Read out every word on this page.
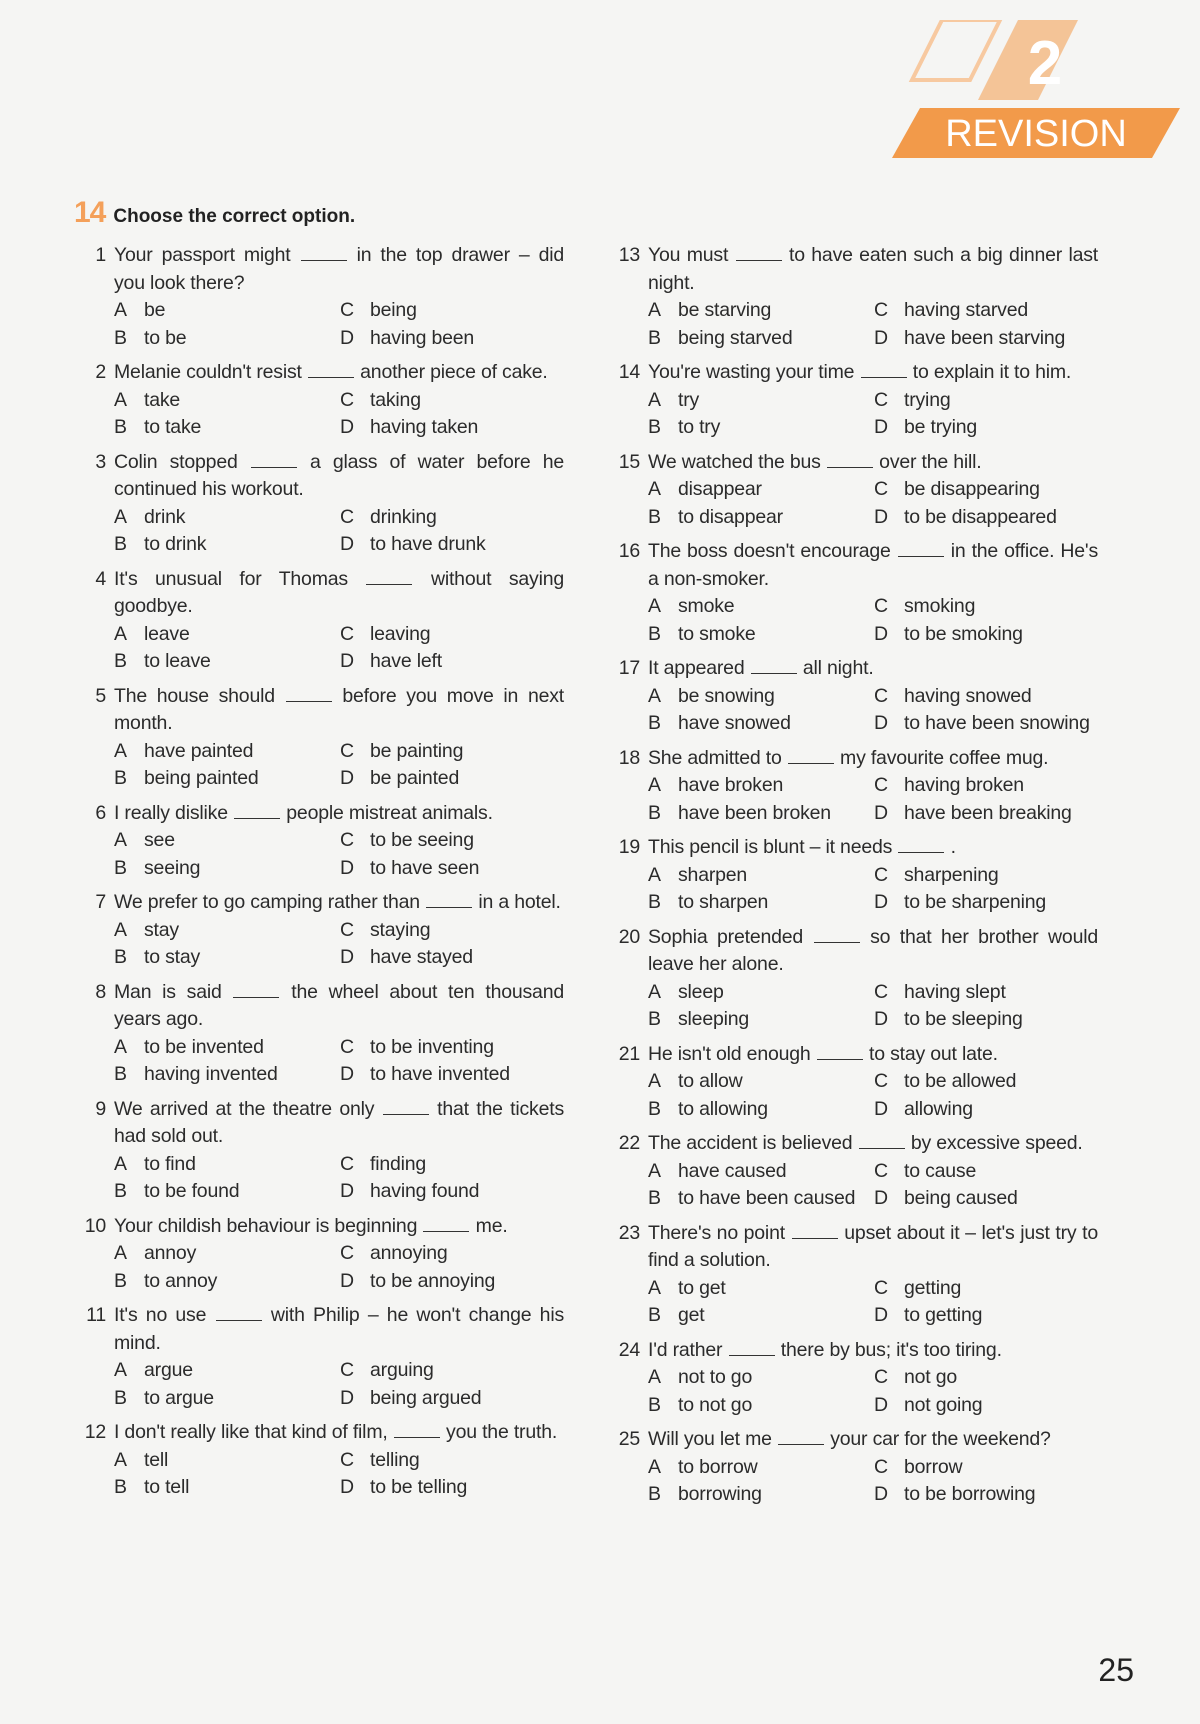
2
REVISION
14 Choose the correct option.
1 Your passport might	in the top drawer – did you look there?
A be	C being
B to be	D having been
2 Melanie couldn't resist	another piece of cake.
A take	C taking
B to take	D having taken
3 Colin stopped	a glass of water before he continued his workout.
A drink	C drinking
B to drink	D to have drunk
4 It's unusual for Thomas	without saying goodbye.
A leave	C leaving
B to leave	D have left
5 The house should	before you move in next month.
A have painted	C be painting
B being painted	D be painted
6 I really dislike	people mistreat animals.
A see	C to be seeing
B seeing	D to have seen
7 We prefer to go camping rather than	in a hotel.
A stay	C staying
B to stay	D have stayed
8 Man is said	the wheel about ten thousand years ago.
A to be invented	C to be inventing
B having invented	D to have invented
9 We arrived at the theatre only	that the tickets had sold out.
A to find	C finding
B to be found	D having found
10 Your childish behaviour is beginning	me.
A annoy	C annoying
B to annoy	D to be annoying
11 It's no use	with Philip – he won't change his mind.
A argue	C arguing
B to argue	D being argued
12 I don't really like that kind of film,	you the truth.
A tell	C telling
B to tell	D to be telling
13 You must	to have eaten such a big dinner last night.
A be starving	C having starved
B being starved	D have been starving
14 You're wasting your time	to explain it to him.
A try	C trying
B to try	D be trying
15 We watched the bus	over the hill.
A disappear	C be disappearing
B to disappear	D to be disappeared
16 The boss doesn't encourage	in the office. He's a non-smoker.
A smoke	C smoking
B to smoke	D to be smoking
17 It appeared	all night.
A be snowing	C having snowed
B have snowed	D to have been snowing
18 She admitted to	my favourite coffee mug.
A have broken	C having broken
B have been broken	D have been breaking
19 This pencil is blunt – it needs	.
A sharpen	C sharpening
B to sharpen	D to be sharpening
20 Sophia pretended	so that her brother would leave her alone.
A sleep	C having slept
B sleeping	D to be sleeping
21 He isn't old enough	to stay out late.
A to allow	C to be allowed
B to allowing	D allowing
22 The accident is believed	by excessive speed.
A have caused	C to cause
B to have been caused D being caused
23 There's no point	upset about it – let's just try to find a solution.
A to get	C getting
B get	D to getting
24 I'd rather	there by bus; it's too tiring.
A not to go	C not go
B to not go	D not going
25 Will you let me	your car for the weekend?
A to borrow	C borrow
B borrowing	D to be borrowing
25
